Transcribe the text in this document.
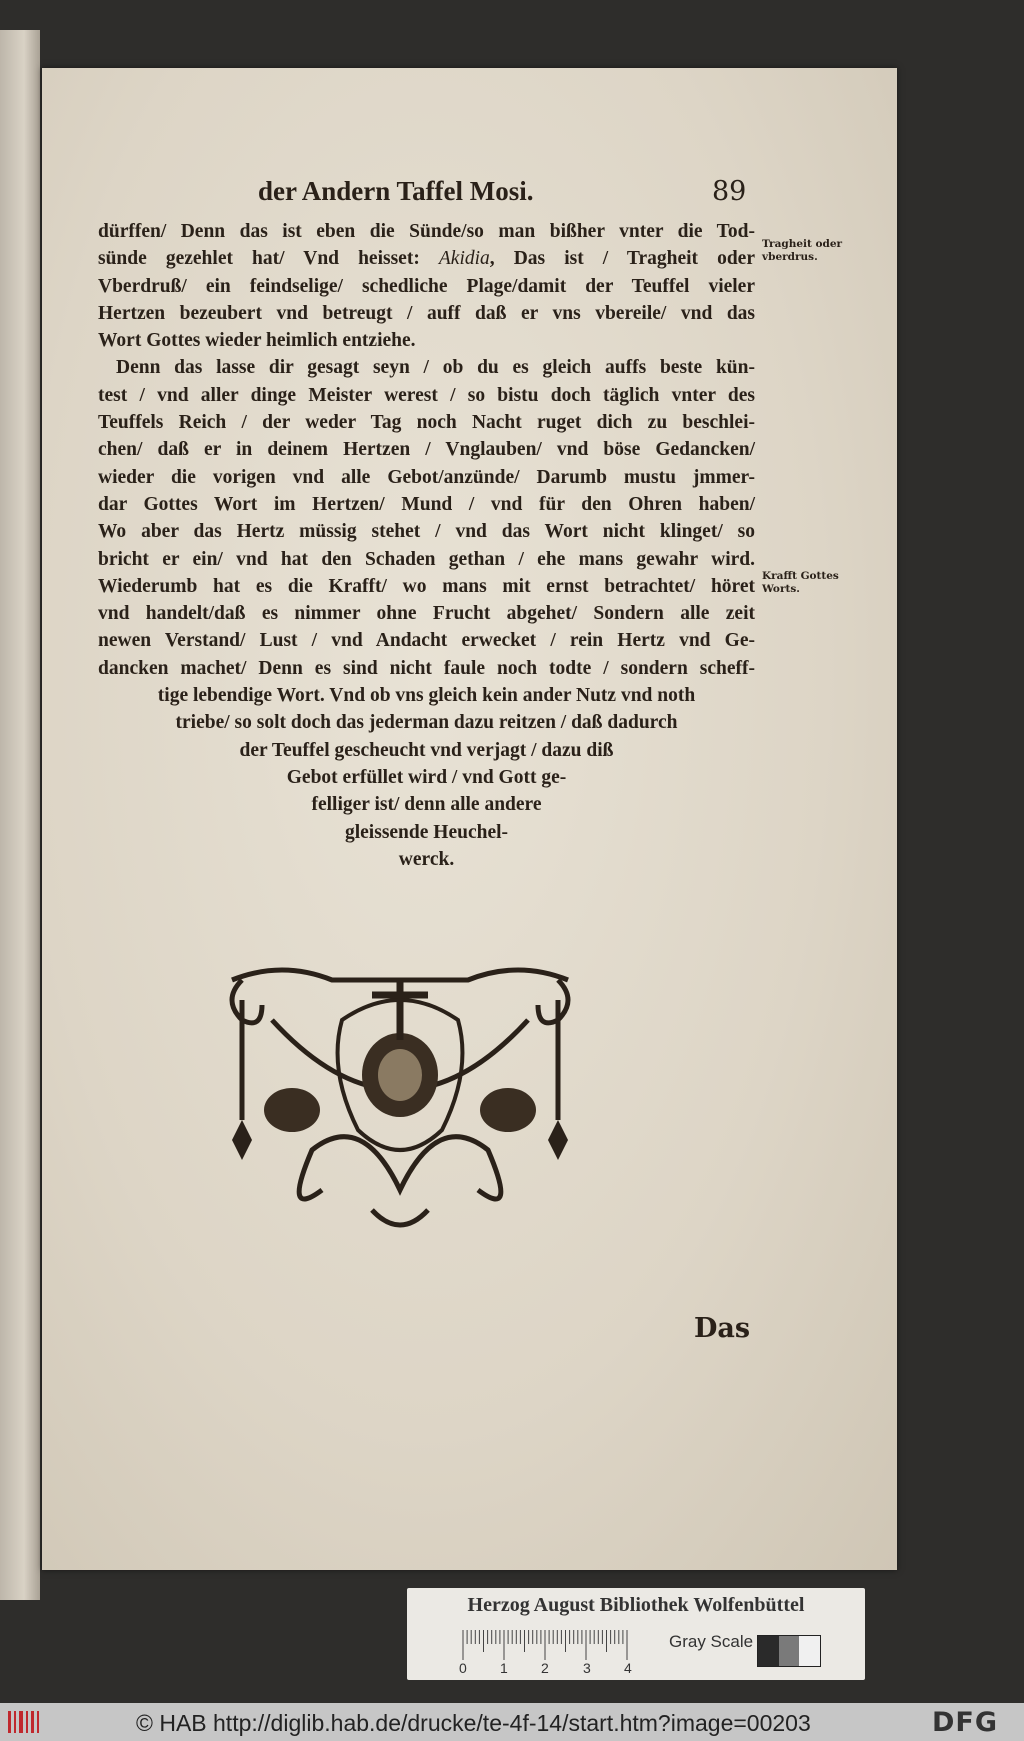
der Andern Taffel Mosi.	89
dürffen/ Denn das ist eben die Sünde/so man bißher vnter die Tod-
sünde gezehlet hat/ Vnd heisset: Akidia, Das ist / Tragheit oder
Vberdruß/ ein feindselige/ schedliche Plage/damit der Teuffel vieler
Hertzen bezeubert vnd betreugt / auff daß er vns vbereile/ vnd das
Wort Gottes wieder heimlich entziehe.
Denn das lasse dir gesagt seyn / ob du es gleich auffs beste kün-
test / vnd aller dinge Meister werest / so bistu doch täglich vnter des
Teuffels Reich / der weder Tag noch Nacht ruget dich zu beschlei-
chen/ daß er in deinem Hertzen / Vnglauben/ vnd böse Gedancken/
wieder die vorigen vnd alle Gebot/anzünde/ Darumb mustu jmmer-
dar Gottes Wort im Hertzen/ Mund / vnd für den Ohren haben/
Wo aber das Hertz müssig stehet / vnd das Wort nicht klinget/ so
bricht er ein/ vnd hat den Schaden gethan / ehe mans gewahr wird.
Wiederumb hat es die Krafft/ wo mans mit ernst betrachtet/ höret
vnd handelt/daß es nimmer ohne Frucht abgehet/ Sondern alle zeit
newen Verstand/ Lust / vnd Andacht erwecket / rein Hertz vnd Ge-
dancken machet/ Denn es sind nicht faule noch todte / sondern scheff-
tige lebendige Wort. Vnd ob vns gleich kein ander Nutz vnd noth
triebe/ so solt doch das jederman dazu reitzen / daß dadurch
der Teuffel gescheucht vnd verjagt / dazu diß
Gebot erfüllet wird / vnd Gott ge-
felliger ist/ denn alle andere
gleissende Heuchel-
werck.
Tragheit oder vberdrus.
Krafft Gottes Worts.
Das
Herzog August Bibliothek Wolfenbüttel
0 1 2 3 4
Gray Scale
© HAB http://diglib.hab.de/drucke/te-4f-14/start.htm?image=00203	DFG
